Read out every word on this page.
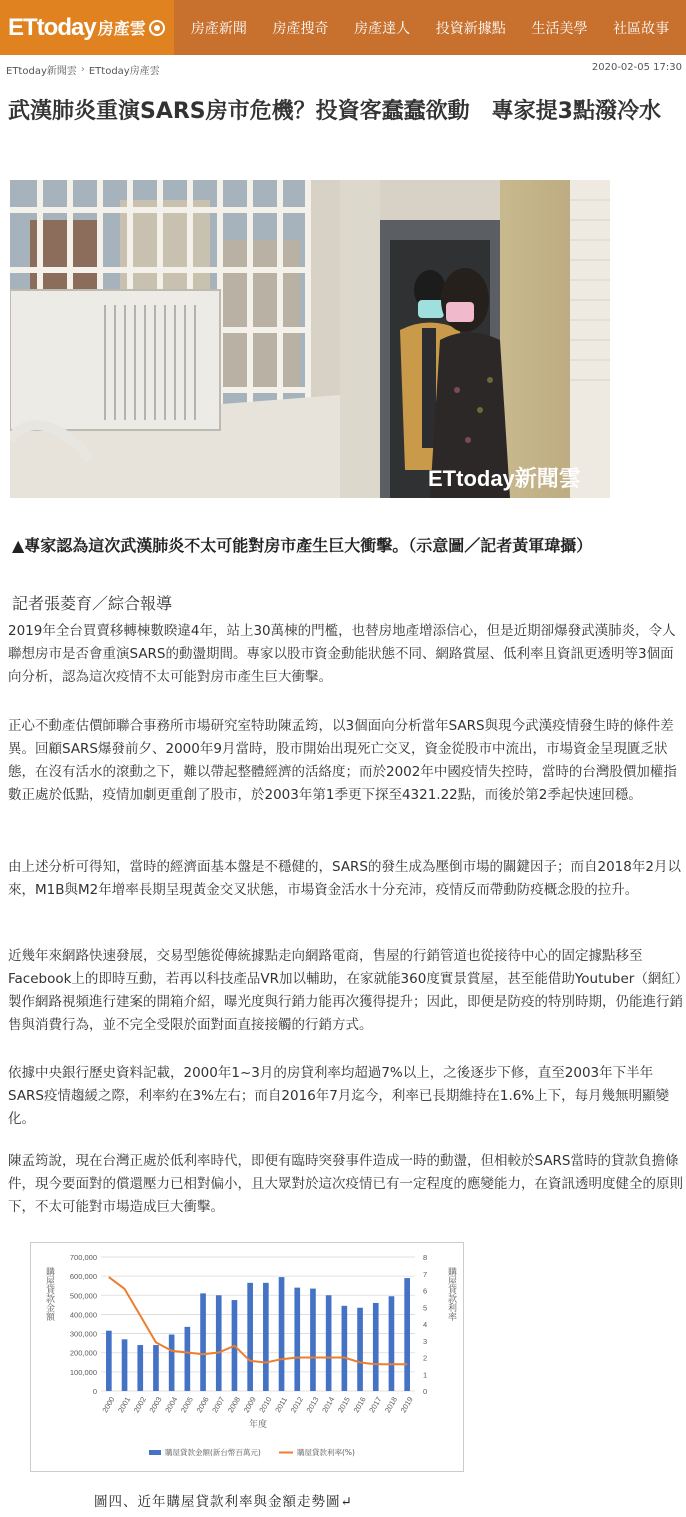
ETtoday 房產雲	房產新聞 房產搜奇 房產達人 投資新據點 生活美學 社區故事
ETtoday新聞雲 › ETtoday房產雲	2020-02-05 17:30
武漢肺炎重演SARS房市危機？投資客蠢蠢欲動　專家提3點潑冷水
ETtoday新聞雲
▲專家認為這次武漢肺炎不太可能對房市產生巨大衝擊。（示意圖／記者黃軍瑋攝）
記者張菱育／綜合報導

2019年全台買賣移轉棟數睽違4年，站上30萬棟的門檻，也替房地產增添信心，但是近期卻爆發武漢肺炎，令人聯想房市是否會重演SARS的動盪期間。專家以股市資金動能狀態不同、網路賞屋、低利率且資訊更透明等3個面向分析，認為這次疫情不太可能對房市產生巨大衝擊。

正心不動產估價師聯合事務所市場研究室特助陳孟筠，以3個面向分析當年SARS與現今武漢疫情發生時的條件差異。回顧SARS爆發前夕、2000年9月當時，股市開始出現死亡交叉，資金從股市中流出，市場資金呈現匱乏狀態，在沒有活水的滾動之下，難以帶起整體經濟的活絡度；而於2002年中國疫情失控時，當時的台灣股價加權指數正處於低點，疫情加劇更重創了股市，於2003年第1季更下探至4321.22點，而後於第2季起快速回穩。

由上述分析可得知，當時的經濟面基本盤是不穩健的，SARS的發生成為壓倒市場的關鍵因子；而自2018年2月以來，M1B與M2年增率長期呈現黃金交叉狀態，市場資金活水十分充沛，疫情反而帶動防疫概念股的拉升。

近幾年來網路快速發展，交易型態從傳統據點走向網路電商，售屋的行銷管道也從接待中心的固定據點移至Facebook上的即時互動，若再以科技產品VR加以輔助，在家就能360度實景賞屋，甚至能借助Youtuber（網紅）製作網路視頻進行建案的開箱介紹，曝光度與行銷力能再次獲得提升；因此，即便是防疫的特別時期，仍能進行銷售與消費行為，並不完全受限於面對面直接接觸的行銷方式。

依據中央銀行歷史資料記載，2000年1~3月的房貸利率均超過7%以上，之後逐步下修，直至2003年下半年SARS疫情趨緩之際，利率約在3%左右；而自2016年7月迄今，利率已長期維持在1.6%上下，每月幾無明顯變化。

陳孟筠說，現在台灣正處於低利率時代，即便有臨時突發事件造成一時的動盪，但相較於SARS當時的貸款負擔條件，現今要面對的償還壓力已相對偏小，且大眾對於這次疫情已有一定程度的應變能力，在資訊透明度健全的原則下，不太可能對市場造成巨大衝擊。

700,000
600,000
500,000
400,000
300,000
200,000
100,000
0
8
7
6
5
4
3
2
1
0
2000 2001 2002 2003 2004 2005 2006 2007 2008 2009 2010 2011 2012 2013 2014 2015 2016 2017 2018 2019
年度
購屋貸款金額	購屋貸款利率
購屋貸款金額(新台幣百萬元)	購屋貸款利率(%)
圖四、近年購屋貸款利率與金額走勢圖↵
